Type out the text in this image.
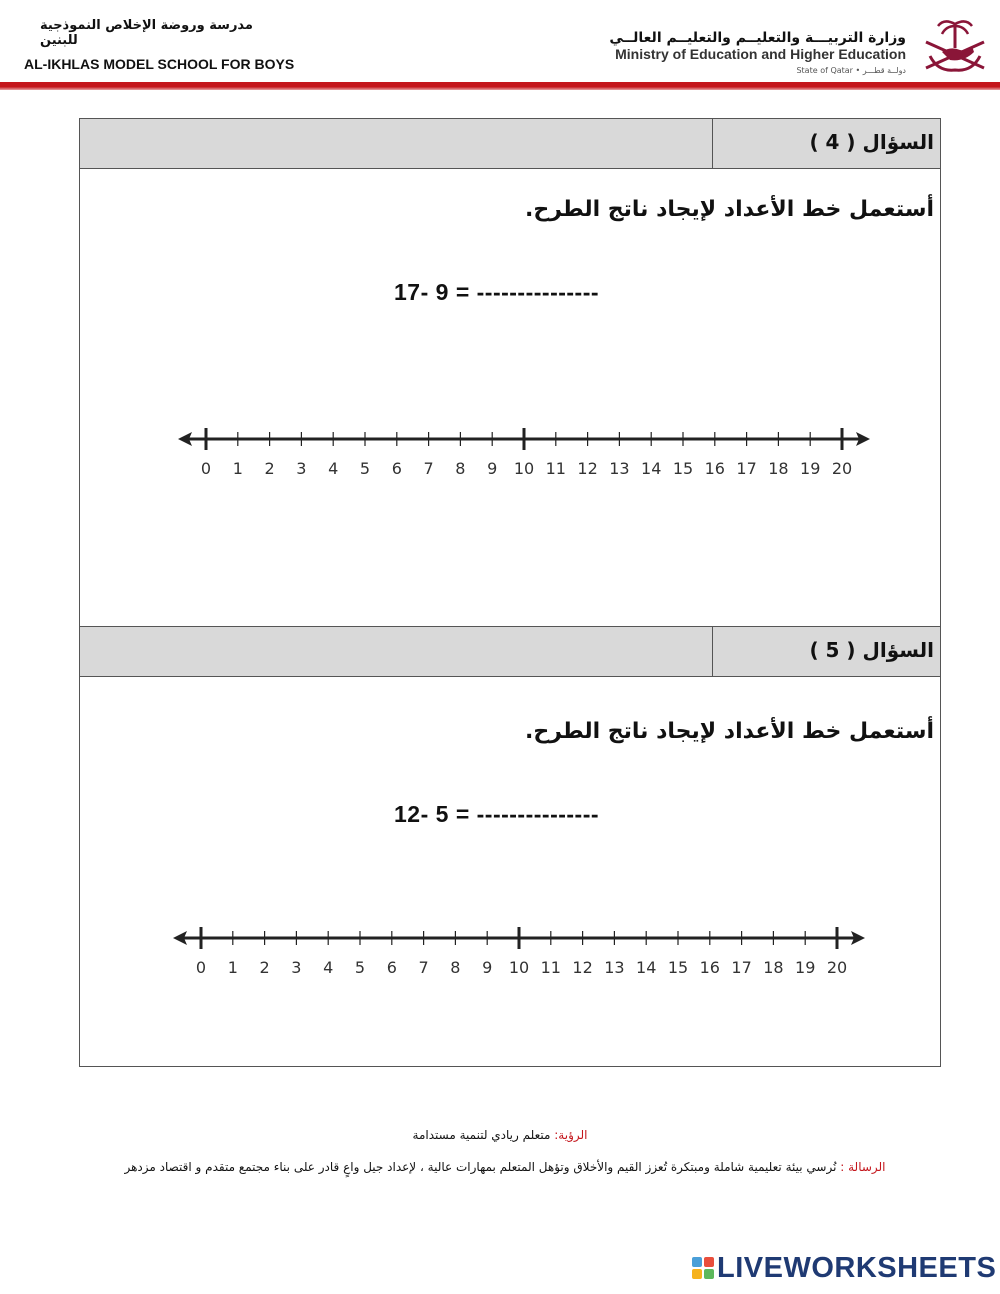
مدرسة وروضة الإخلاص النموذجية للبنين
AL-IKHLAS MODEL SCHOOL FOR BOYS
وزارة التربيـــة والتعليــم والتعليــم العالــي
Ministry of Education and Higher Education
State of Qatar • دولــة قطـــر
السؤال ( 4 )
أستعمل خط الأعداد لإيجاد ناتج الطرح.
17- 9 = ---------------
0 1 2 3 4 5 6 7 8 9 10 11 12 13 14 15 16 17 18 19 20
السؤال ( 5 )
أستعمل خط الأعداد لإيجاد ناتج الطرح.
12- 5 = ---------------
0 1 2 3 4 5 6 7 8 9 10 11 12 13 14 15 16 17 18 19 20
الرؤية: متعلم ريادي لتنمية مستدامة
الرسالة : نُرسي بيئة تعليمية شاملة ومبتكرة تُعزز القيم والأخلاق وتؤهل المتعلم بمهارات عالية ، لإعداد جيل واعٍ قادر على بناء مجتمع متقدم و اقتصاد مزدهر
LIVEWORKSHEETS
